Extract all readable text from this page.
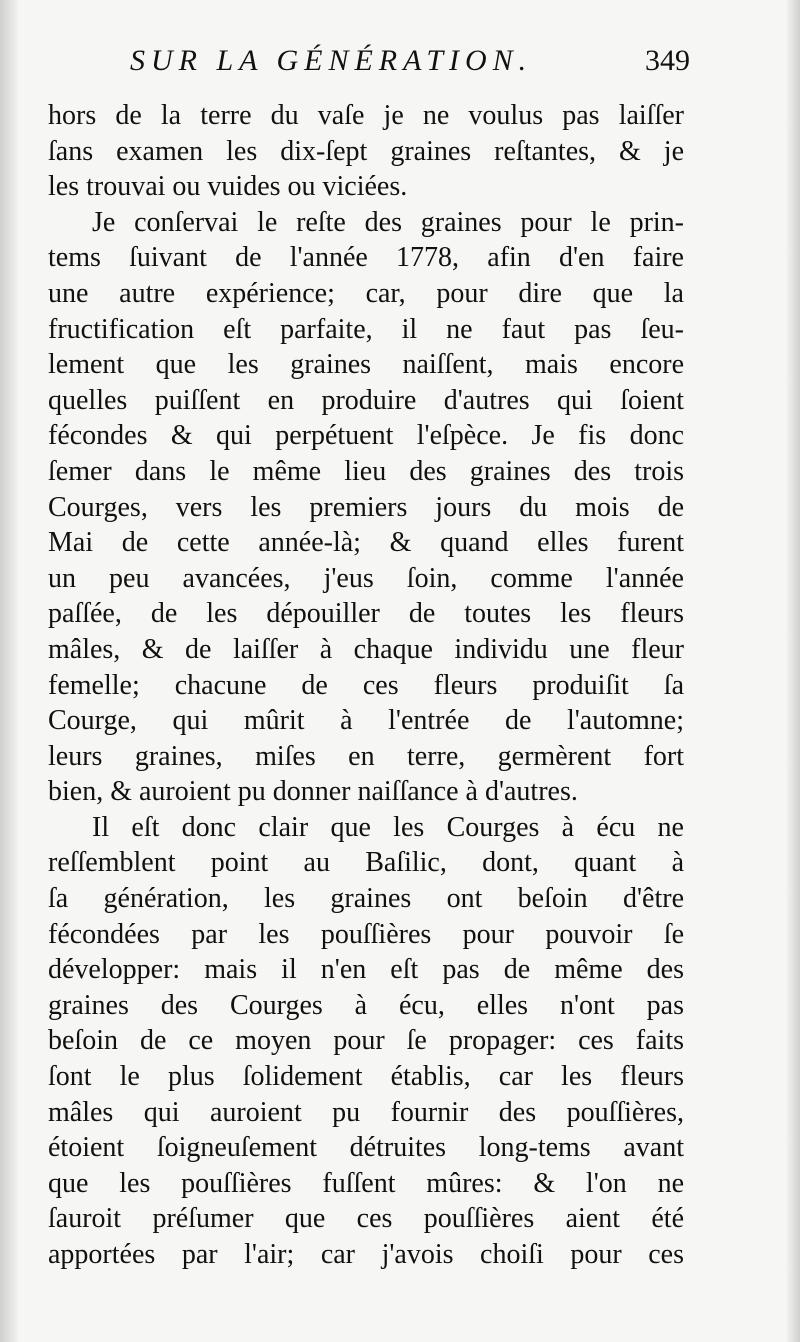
SUR LA GÉNÉRATION.	349
hors de la terre du vaſe je ne voulus pas laiſſer
ſans examen les dix-ſept graines reſtantes, & je
les trouvai ou vuides ou viciées.
Je conſervai le reſte des graines pour le prin-
tems ſuivant de l'année 1778, afin d'en faire
une autre expérience; car, pour dire que la
fructification eſt parfaite, il ne faut pas ſeu-
lement que les graines naiſſent, mais encore
quelles puiſſent en produire d'autres qui ſoient
fécondes & qui perpétuent l'eſpèce. Je fis donc
ſemer dans le même lieu des graines des trois
Courges, vers les premiers jours du mois de
Mai de cette année-là; & quand elles furent
un peu avancées, j'eus ſoin, comme l'année
paſſée, de les dépouiller de toutes les fleurs
mâles, & de laiſſer à chaque individu une fleur
femelle; chacune de ces fleurs produiſit ſa
Courge, qui mûrit à l'entrée de l'automne;
leurs graines, miſes en terre, germèrent fort
bien, & auroient pu donner naiſſance à d'autres.
Il eſt donc clair que les Courges à écu ne
reſſemblent point au Baſilic, dont, quant à
ſa génération, les graines ont beſoin d'être
fécondées par les pouſſières pour pouvoir ſe
développer: mais il n'en eſt pas de même des
graines des Courges à écu, elles n'ont pas
beſoin de ce moyen pour ſe propager: ces faits
ſont le plus ſolidement établis, car les fleurs
mâles qui auroient pu fournir des pouſſières,
étoient ſoigneuſement détruites long-tems avant
que les pouſſières fuſſent mûres: & l'on ne
ſauroit préſumer que ces pouſſières aient été
apportées par l'air; car j'avois choiſi pour ces
